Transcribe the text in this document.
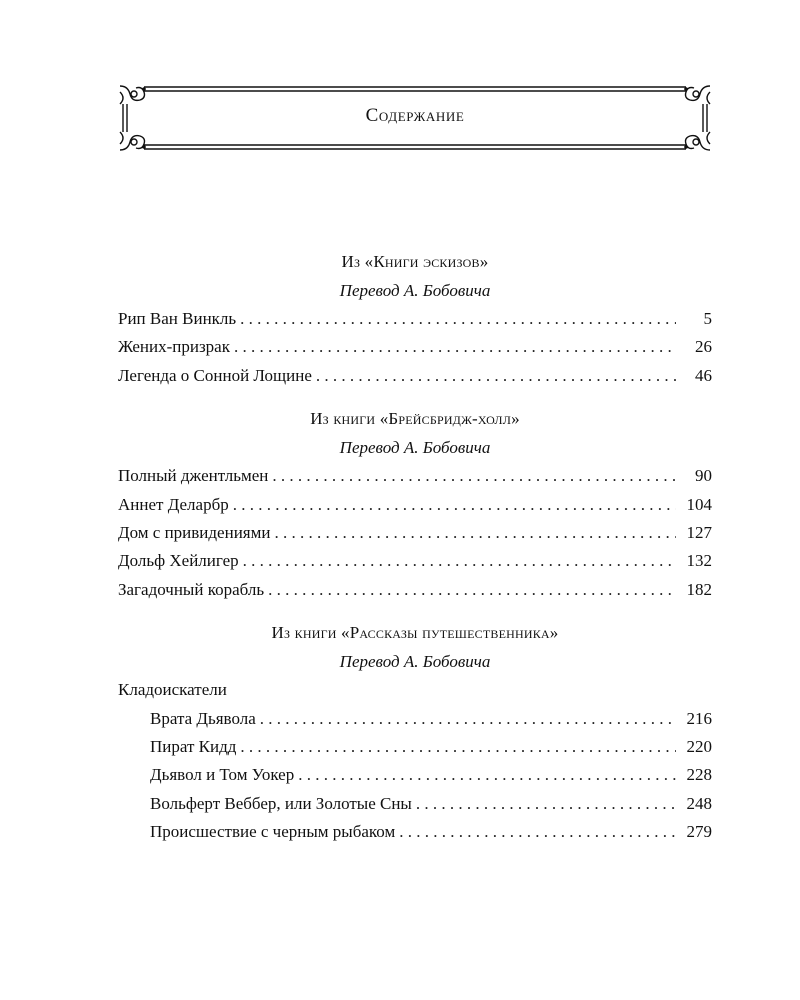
Содержание
Из «Книги эскизов»
Перевод А. Бобовича
Рип Ван Винкль . . .	5
Жених-призрак . . .	26
Легенда о Сонной Лощине . . .	46
Из книги «Брейсбридж-холл»
Перевод А. Бобовича
Полный джентльмен . . .	90
Аннет Деларбр . . .	104
Дом с привидениями . . .	127
Дольф Хейлигер . . .	132
Загадочный корабль . . .	182
Из книги «Рассказы путешественника»
Перевод А. Бобовича
Кладоискатели
Врата Дьявола . . .	216
Пират Кидд . . .	220
Дьявол и Том Уокер . . .	228
Вольферт Веббер, или Золотые Сны . . .	248
Происшествие с черным рыбаком . . .	279
